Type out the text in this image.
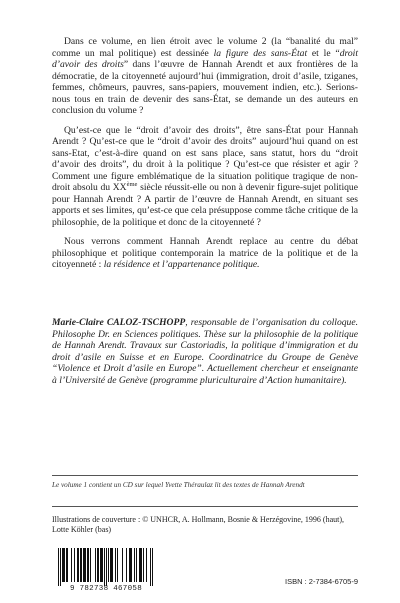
Dans ce volume, en lien étroit avec le volume 2 (la “banalité du mal” comme un mal politique) est dessinée la figure des sans-État et le “droit d’avoir des droits” dans l’œuvre de Hannah Arendt et aux frontières de la démocratie, de la citoyenneté aujourd’hui (immigration, droit d’asile, tziganes, femmes, chômeurs, pauvres, sans-papiers, mouvement indien, etc.). Serions-nous tous en train de devenir des sans-État, se demande un des auteurs en conclusion du volume ?

Qu’est-ce que le “droit d’avoir des droits”, être sans-État pour Hannah Arendt ? Qu’est-ce que le “droit d’avoir des droits” aujourd’hui quand on est sans-Etat, c’est-à-dire quand on est sans place, sans statut, hors du “droit d’avoir des droits”, du droit à la politique ? Qu’est-ce que résister et agir ? Comment une figure emblématique de la situation politique tragique de non-droit absolu du XXème siècle réussit-elle ou non à devenir figure-sujet politique pour Hannah Arendt ? A partir de l’œuvre de Hannah Arendt, en situant ses apports et ses limites, qu’est-ce que cela présuppose comme tâche critique de la philosophie, de la politique et donc de la citoyenneté ?

Nous verrons comment Hannah Arendt replace au centre du débat philosophique et politique contemporain la matrice de la politique et de la citoyenneté : la résidence et l’appartenance politique.

Marie-Claire CALOZ-TSCHOPP, responsable de l’organisation du colloque. Philosophe Dr. en Sciences politiques. Thèse sur la philosophie de la politique de Hannah Arendt. Travaux sur Castoriadis, la politique d’immigration et du droit d’asile en Suisse et en Europe. Coordinatrice du Groupe de Genève “Violence et Droit d’asile en Europe”. Actuellement chercheur et enseignante à l’Université de Genève (programme pluriculturaire d’Action humanitaire).
Le volume 1 contient un CD sur lequel Yvette Théraulaz lit des textes de Hannah Arendt
Illustrations de couverture : © UNHCR, A. Hollmann, Bosnie & Herzégovine, 1996 (haut), Lotte Köhler (bas)
9 782738 467058
ISBN : 2-7384-6705-9
